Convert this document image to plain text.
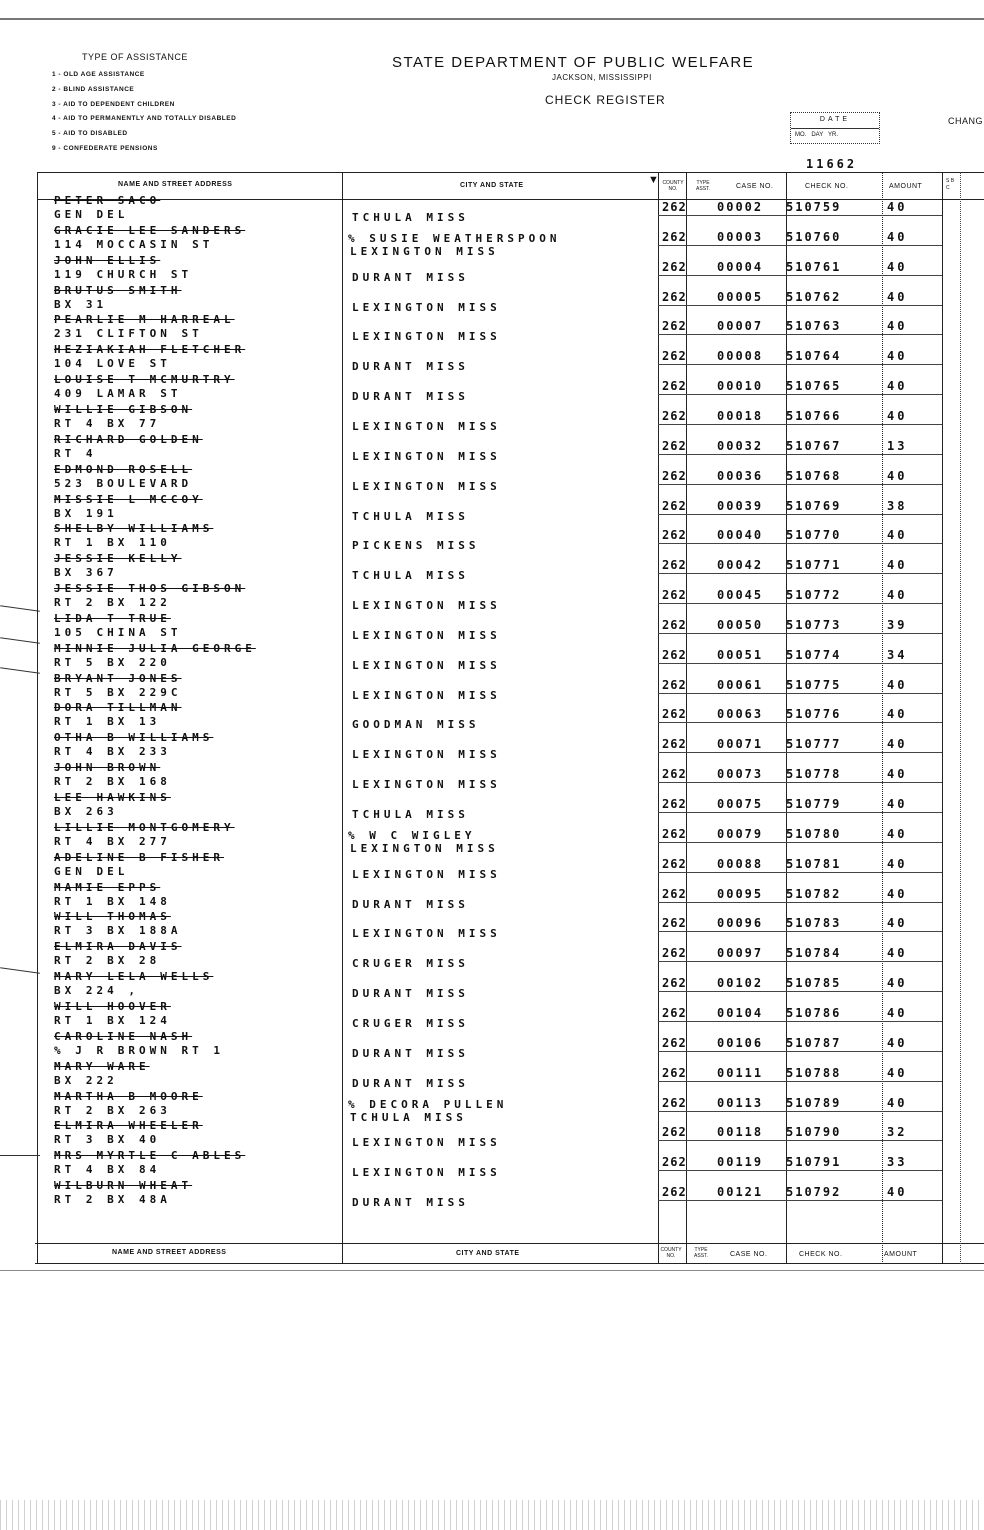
TYPE OF ASSISTANCE
1 - OLD AGE ASSISTANCE
2 - BLIND ASSISTANCE
3 - AID TO DEPENDENT CHILDREN
4 - AID TO PERMANENTLY AND TOTALLY DISABLED
5 - AID TO DISABLED
9 - CONFEDERATE PENSIONS
STATE DEPARTMENT OF PUBLIC WELFARE
JACKSON, MISSISSIPPI
CHECK REGISTER
DATE
MO.   DAY   YR.
11662
CHANG
NAME AND STREET ADDRESS	CITY AND STATE	▼ COUNTY NO.
TYPE ASST.	CASE NO.	CHECK NO.	AMOUNT
S B C
NAME AND STREET ADDRESS	CITY AND STATE	COUNTY NO.
TYPE ASST.	CASE NO.	CHECK NO.	AMOUNT
PETER SACO
GEN DEL	TCHULA MISS
262	00002 510759	40
GRACIE LEE SANDERS
114 MOCCASIN ST	% SUSIE WEATHERSPOON
LEXINGTON MISS
262	00003 510760	40
JOHN ELLIS
119 CHURCH ST	DURANT MISS
262	00004 510761	40
BRUTUS SMITH
BX 31	LEXINGTON MISS
262	00005 510762	40
PEARLIE M HARREAL
231 CLIFTON ST	LEXINGTON MISS
262	00007 510763	40
HEZIAKIAH FLETCHER
104 LOVE ST	DURANT MISS
262	00008 510764	40
LOUISE T MCMURTRY
409 LAMAR ST	DURANT MISS
262	00010 510765	40
WILLIE GIBSON
RT 4 BX 77	LEXINGTON MISS
262	00018 510766	40
RICHARD GOLDEN
RT 4	LEXINGTON MISS
262	00032 510767	13
EDMOND ROSELL
523 BOULEVARD	LEXINGTON MISS
262	00036 510768	40
MISSIE L MCCOY
BX 191	TCHULA MISS
262	00039 510769	38
SHELBY WILLIAMS
RT 1 BX 110	PICKENS MISS
262	00040 510770	40
JESSIE KELLY
BX 367	TCHULA MISS
262	00042 510771	40
JESSIE THOS GIBSON
RT 2 BX 122	LEXINGTON MISS
262	00045 510772	40
LIDA T TRUE
105 CHINA ST	LEXINGTON MISS
262	00050 510773	39
MINNIE JULIA GEORGE
RT 5 BX 220	LEXINGTON MISS
262	00051 510774	34
BRYANT JONES
RT 5 BX 229C	LEXINGTON MISS
262	00061 510775	40
DORA TILLMAN
RT 1 BX 13	GOODMAN MISS
262	00063 510776	40
OTHA B WILLIAMS
RT 4 BX 233	LEXINGTON MISS
262	00071 510777	40
JOHN BROWN
RT 2 BX 168	LEXINGTON MISS
262	00073 510778	40
LEE HAWKINS
BX 263	TCHULA MISS
262	00075 510779	40
LILLIE MONTGOMERY
RT 4 BX 277	% W C WIGLEY
LEXINGTON MISS
262	00079 510780	40
ADELINE B FISHER
GEN DEL	LEXINGTON MISS
262	00088 510781	40
MAMIE EPPS
RT 1 BX 148	DURANT MISS
262	00095 510782	40
WILL THOMAS
RT 3 BX 188A	LEXINGTON MISS
262	00096 510783	40
ELMIRA DAVIS
RT 2 BX 28	CRUGER MISS
262	00097 510784	40
MARY LELA WELLS
BX 224 ,	DURANT MISS
262	00102 510785	40
WILL HOOVER
RT 1 BX 124	CRUGER MISS
262	00104 510786	40
CAROLINE NASH
% J R BROWN RT 1	DURANT MISS
262	00106 510787	40
MARY WARE
BX 222	DURANT MISS
262	00111 510788	40
MARTHA B MOORE
RT 2 BX 263	% DECORA PULLEN
TCHULA MISS
262	00113 510789	40
ELMIRA WHEELER
RT 3 BX 40	LEXINGTON MISS
262	00118 510790	32
MRS MYRTLE C ABLES
RT 4 BX 84	LEXINGTON MISS
262	00119 510791	33
WILBURN WHEAT
RT 2 BX 48A	DURANT MISS
262	00121 510792	40
